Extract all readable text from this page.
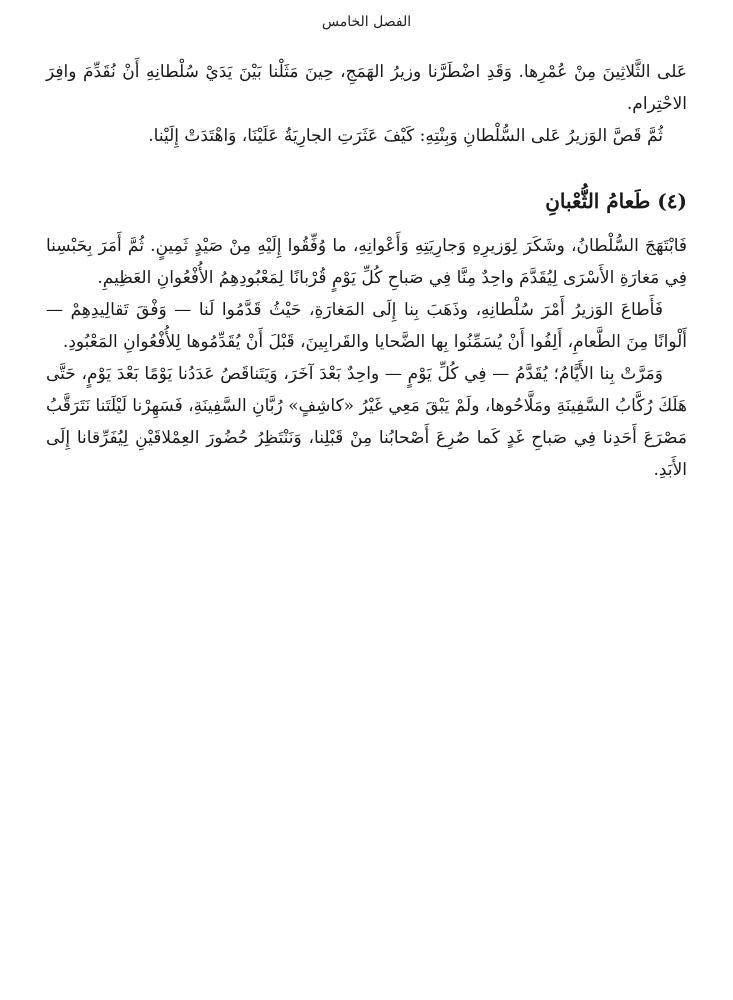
الفصل الخامس

عَلى الثَّلاثِينَ مِنْ عُمْرِها. وَقَدِ اضْطَرَّنا وزيرُ الهَمَجِ، حِينَ مَثَلْنا بَيْنَ يَدَيْ سُلْطانِهِ أَنْ نُقَدِّمَ وافِرَ الاحْتِرام.

ثُمَّ قَصَّ الوَزيرُ عَلى السُّلْطانِ وَبِنْتِهِ: كَيْفَ عَثَرَتِ الجارِيَةُ عَلَيْنَا، وَاهْتَدَتْ إِلَيْنا.

(٤) طَعامُ الثُّعْبانِ

فَابْتَهَجَ السُّلْطانُ، وشَكَرَ لِوَزيرِهِ وَجارِيَتِهِ وَأَعْوانِهِ، ما وُفِّقُوا إِلَيْهِ مِنْ صَيْدٍ ثَمِينٍ. ثُمَّ أَمَرَ بِحَبْسِنا فِي مَغارَةِ الأَسْرَى لِيُقَدَّمَ واحِدٌ مِنَّا فِي صَباحِ كُلِّ يَوْمٍ قُرْبانًا لِمَعْبُودِهِمُ الأُفْعُوانِ العَظِيمِ.

فَأَطاعَ الوَزيرُ أَمْرَ سُلْطانِهِ، وذَهَبَ بِنا إِلَى المَغارَةِ، حَيْثُ قَدَّمُوا لَنا — وَفْقَ تَقالِيدِهِمْ — أَلْوانًا مِنَ الطَّعامِ، أَلِفُوا أَنْ يُسَمِّنُوا بِها الضَّحايا والقَرابِينَ، قَبْلَ أَنْ يُقَدِّمُوها لِلأُفْعُوانِ المَعْبُودِ.

وَمَرَّتْ بِنا الأَيَّامُ؛ يُقَدَّمُ — فِي كُلِّ يَوْمٍ — واحِدٌ بَعْدَ آخَرَ، وَيَتَناقَصُ عَدَدُنا يَوْمًا بَعْدَ يَوْمٍ، حَتَّى هَلَكَ رُكَّابُ السَّفِينَةِ ومَلَّاحُوها، ولَمْ يَبْقَ مَعِي غَيْرُ «كاشِفٍ» رُبَّانِ السَّفِينَةِ، فَسَهِرْنا لَيْلَتَنا نَتَرَقَّبُ مَصْرَعَ أَحَدِنا فِي صَباحِ غَدٍ كَما صُرِعَ أَصْحابُنا مِنْ قَبْلِنا، وَنَنْتَظِرُ حُضُورَ العِمْلاقَيْنِ لِيُفَرِّقانا إِلَى الأَبَدِ.
